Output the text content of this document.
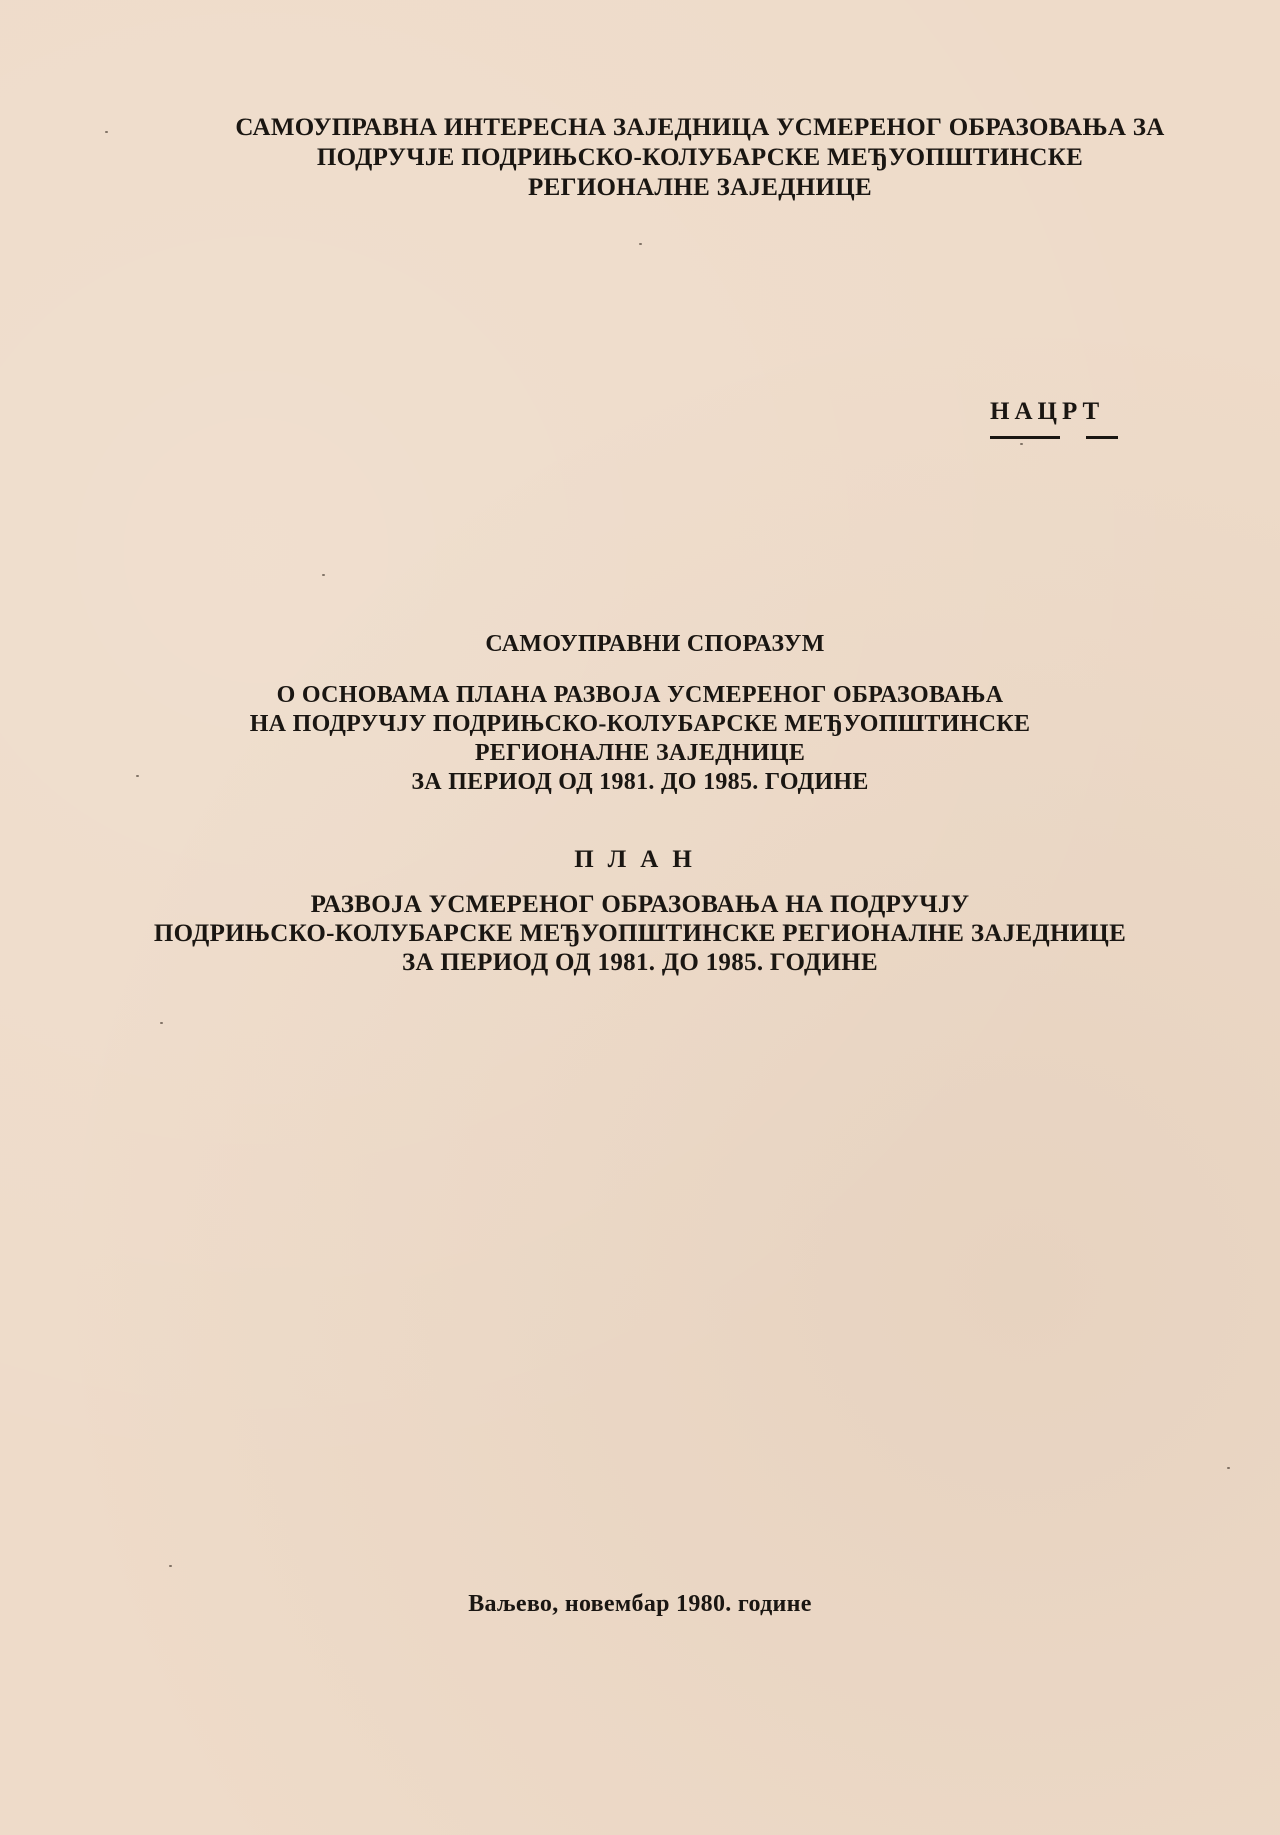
САМОУПРАВНА ИНТЕРЕСНА ЗАЈЕДНИЦА УСМЕРЕНОГ ОБРАЗОВАЊА ЗА
ПОДРУЧЈЕ ПОДРИЊСКО-КОЛУБАРСКЕ МЕЂУОПШТИНСКЕ
РЕГИОНАЛНЕ ЗАЈЕДНИЦЕ
НАЦРТ
САМОУПРАВНИ СПОРАЗУМ
О ОСНОВАМА ПЛАНА РАЗВОЈА УСМЕРЕНОГ ОБРАЗОВАЊА
НА ПОДРУЧЈУ ПОДРИЊСКО-КОЛУБАРСКЕ МЕЂУОПШТИНСКЕ
РЕГИОНАЛНЕ ЗАЈЕДНИЦЕ
ЗА ПЕРИОД ОД 1981. ДО 1985. ГОДИНЕ
ПЛАН
РАЗВОЈА УСМЕРЕНОГ ОБРАЗОВАЊА НА ПОДРУЧЈУ
ПОДРИЊСКО-КОЛУБАРСКЕ МЕЂУОПШТИНСКЕ РЕГИОНАЛНЕ ЗАЈЕДНИЦЕ
ЗА ПЕРИОД ОД 1981. ДО 1985. ГОДИНЕ
Ваљево, новембар 1980. године
